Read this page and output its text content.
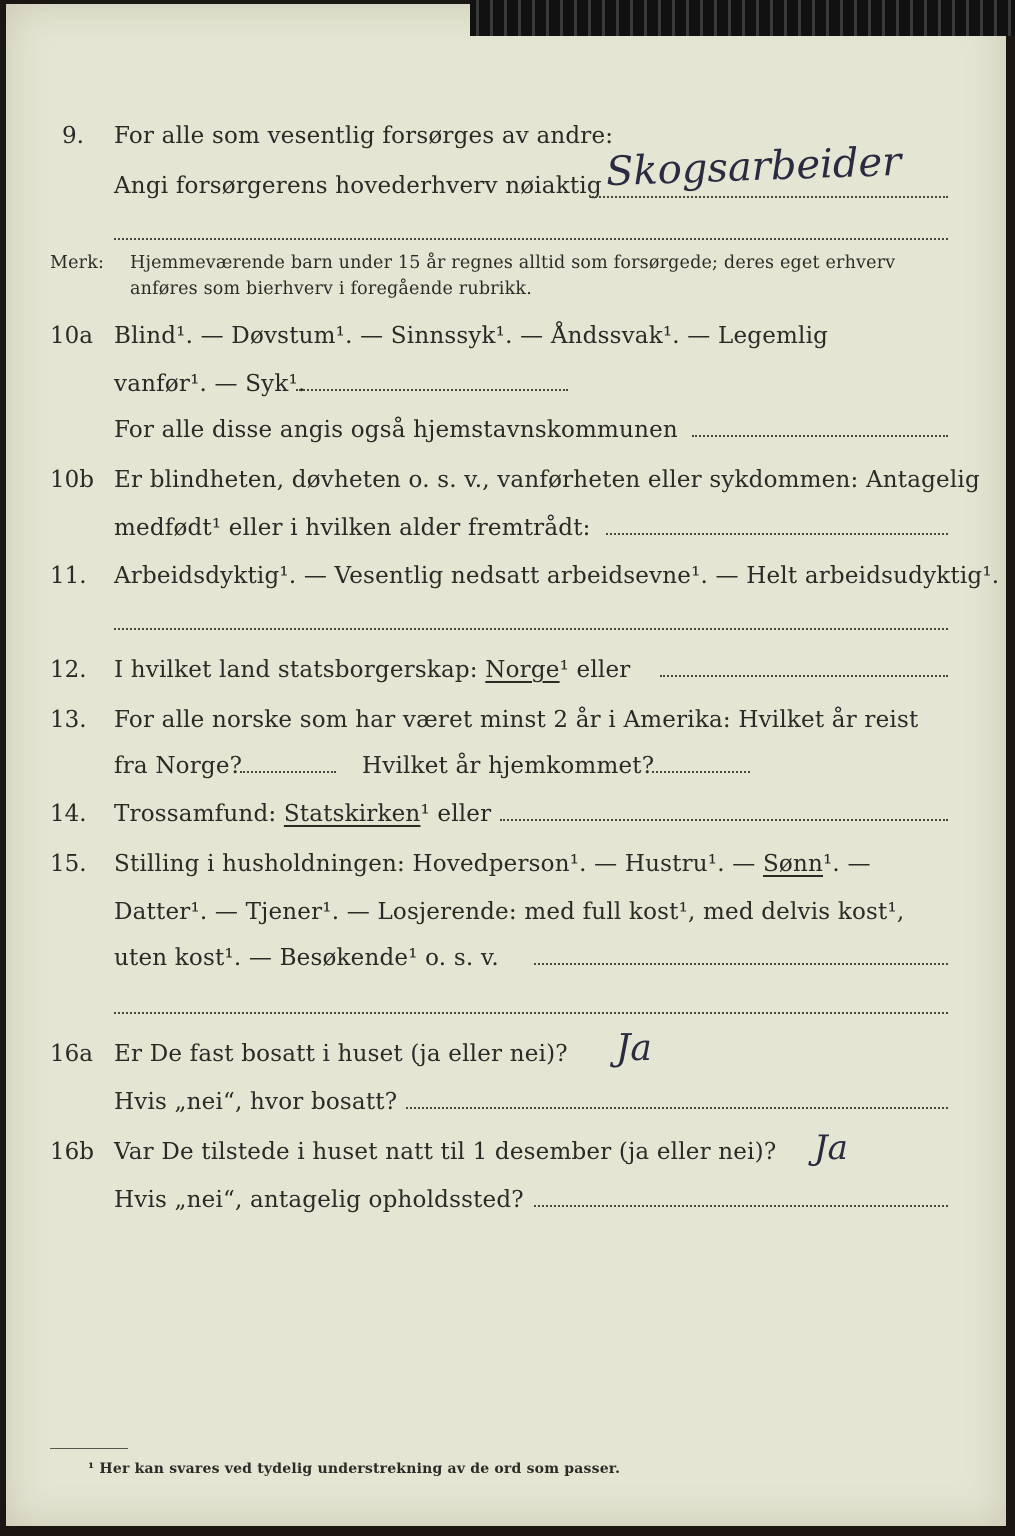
9. For alle som vesentlig forsørges av andre:
Angi forsørgerens hovederhverv nøiaktig Skogsarbeider
Merk: Hjemmeværende barn under 15 år regnes alltid som forsørgede; deres eget erhverv
anføres som bierhverv i foregående rubrikk.
10a Blind¹. — Døvstum¹. — Sinnssyk¹. — Åndssvak¹. — Legemlig
vanfør¹. — Syk¹.
For alle disse angis også hjemstavnskommunen
10b Er blindheten, døvheten o. s. v., vanførheten eller sykdommen: Antagelig
medfødt¹ eller i hvilken alder fremtrådt:
11. Arbeidsdyktig¹. — Vesentlig nedsatt arbeidsevne¹. — Helt arbeidsudyktig¹.
12. I hvilket land statsborgerskap: Norge¹ eller
13. For alle norske som har været minst 2 år i Amerika: Hvilket år reist
fra Norge?	Hvilket år hjemkommet?
14. Trossamfund: Statskirken¹ eller
15. Stilling i husholdningen: Hovedperson¹. — Hustru¹. — Sønn¹. —
Datter¹. — Tjener¹. — Losjerende: med full kost¹, med delvis kost¹,
uten kost¹. — Besøkende¹ o. s. v.
16a Er De fast bosatt i huset (ja eller nei)? Ja
Hvis „nei“, hvor bosatt?
16b Var De tilstede i huset natt til 1 desember (ja eller nei)? Ja
Hvis „nei“, antagelig opholdssted?
¹ Her kan svares ved tydelig understrekning av de ord som passer.
